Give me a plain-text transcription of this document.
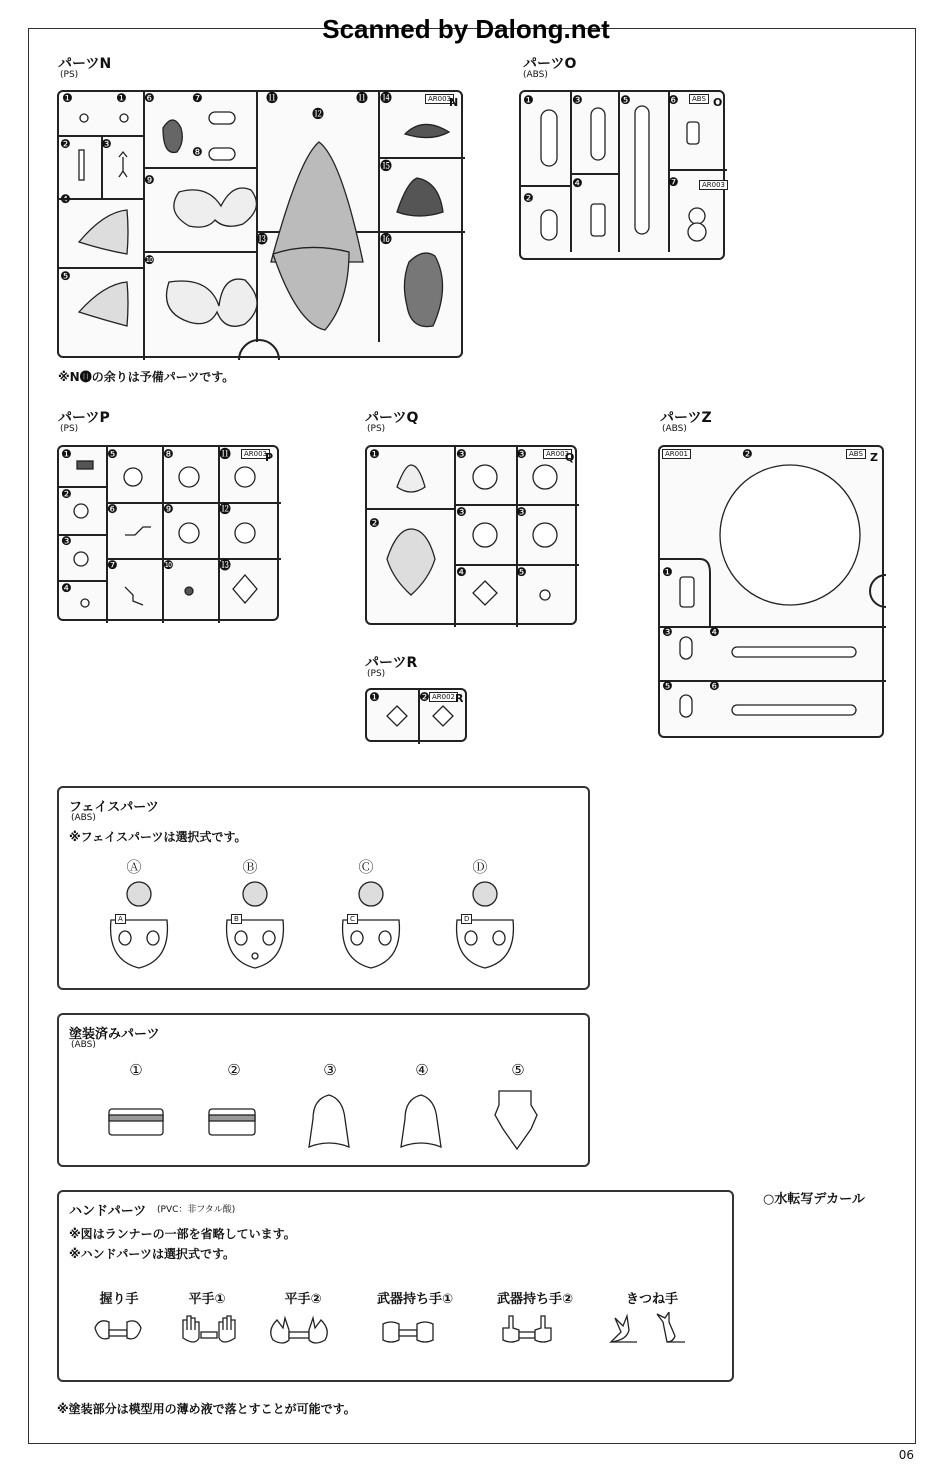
Scanned by Dalong.net
パーツN
(PS)
AR003
N
※N⓫の余りは予備パーツです。
パーツO
(ABS)
ABS O
AR003
パーツP
(PS)
AR003
P
パーツQ
(PS)
AR003
Q
パーツR
(PS)
AR002 R
パーツZ
(ABS)
AR001	ABS Z
フェイスパーツ
(ABS)
※フェイスパーツは選択式です。
Ⓐ	Ⓑ	Ⓒ	Ⓓ
A	B	C	D
塗装済みパーツ
(ABS)
①	②	③	④	⑤
ハンドパーツ (PVC：非フタル酸)
※図はランナーの一部を省略しています。
※ハンドパーツは選択式です。
握り手	平手①	平手②	武器持ち手①	武器持ち手②	きつね手
○水転写デカール
※塗装部分は模型用の薄め液で落とすことが可能です。
06
❶	❶
❷	❸
❹
❺
❻	❼
❽
❾
❿
⓫
⓬
⓫
⓭
⓮
⓯
⓰
❶	❸	❺	❻
❷
❹	❼
❶	❺	❽	⓫
❷
❻	❾	⓬
❸
❼	❿	⓭
❹
❶
❷
❸	❸
❸	❸
❹	❺
❶	❷
❷
❶
❸	❹
❺	❻
